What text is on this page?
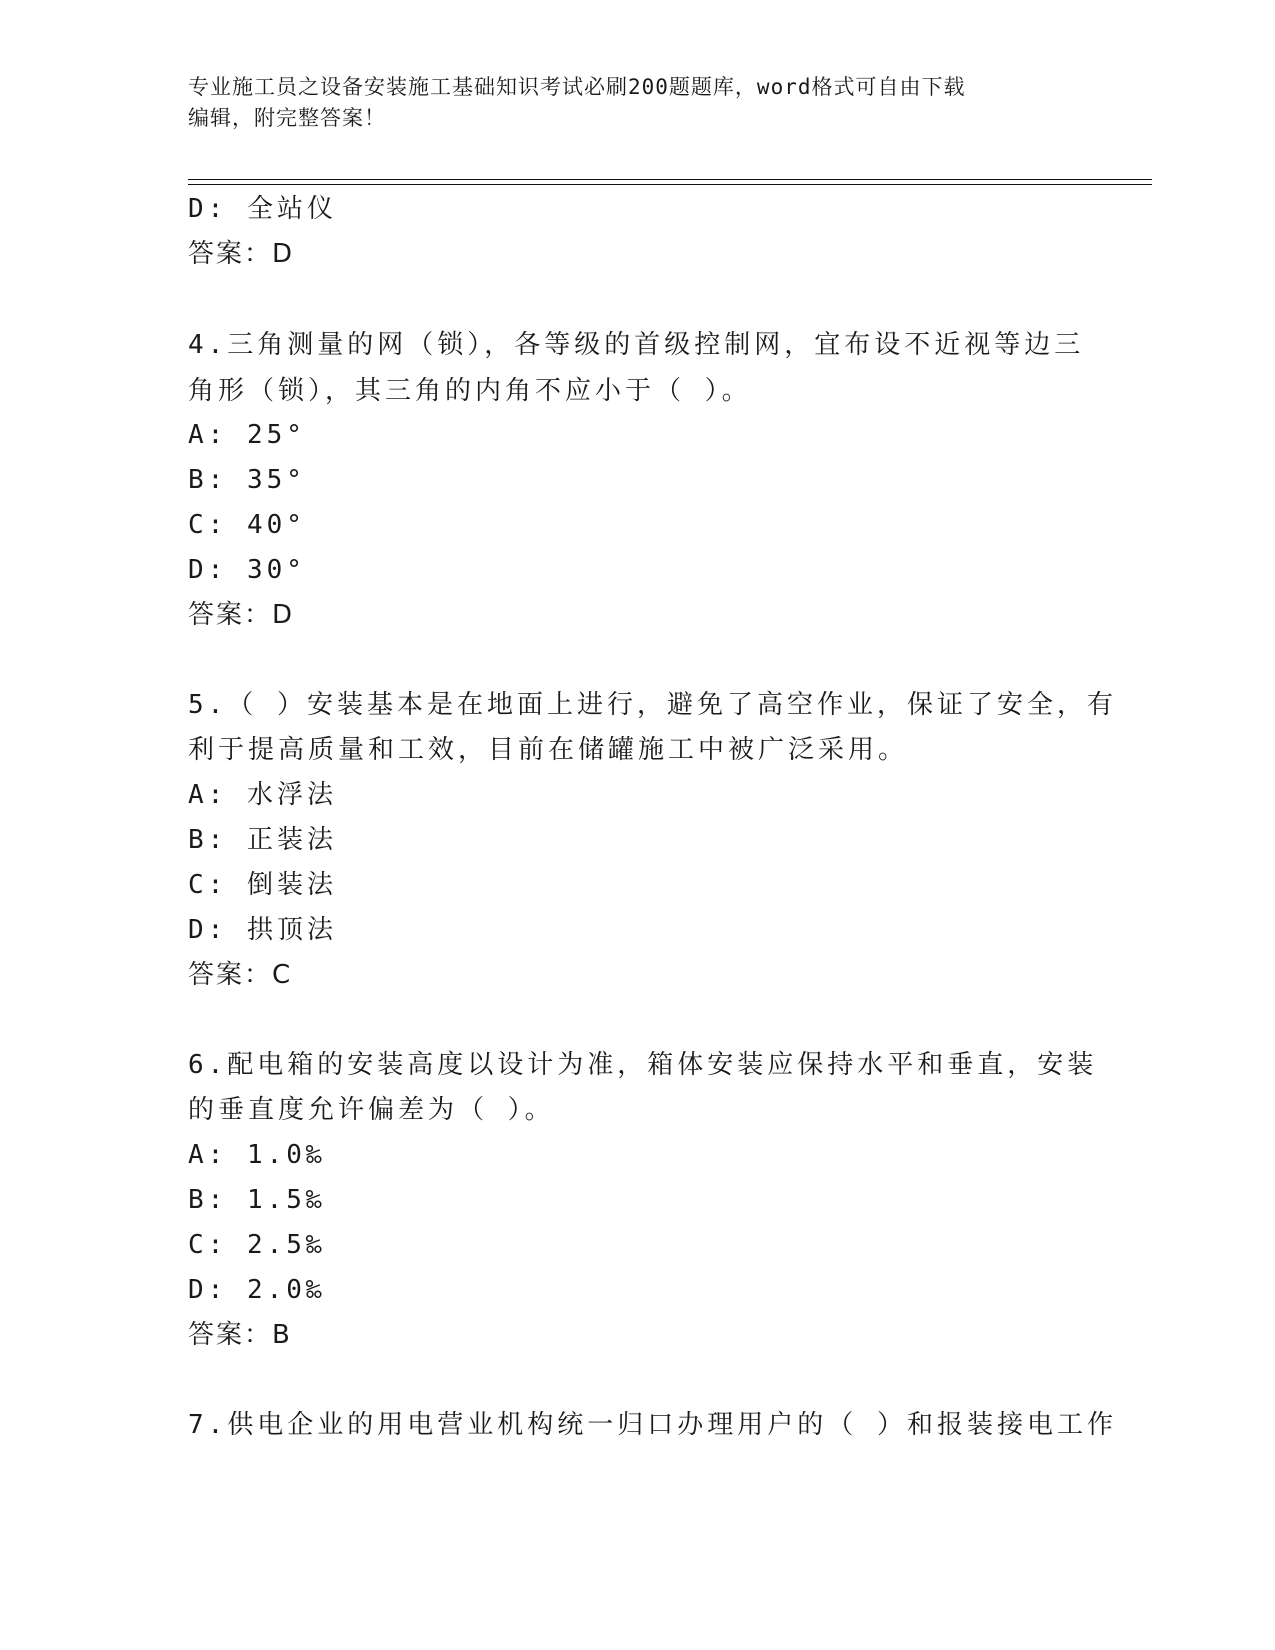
专业施工员之设备安装施工基础知识考试必刷200题题库，word格式可自由下载
编辑，附完整答案！
D: 全站仪
答案：D
4.三角测量的网（锁），各等级的首级控制网，宜布设不近视等边三
角形（锁），其三角的内角不应小于（ ）。
A: 25°
B: 35°
C: 40°
D: 30°
答案：D
5.（ ）安装基本是在地面上进行，避免了高空作业，保证了安全，有
利于提高质量和工效，目前在储罐施工中被广泛采用。
A: 水浮法
B: 正装法
C: 倒装法
D: 拱顶法
答案：C
6.配电箱的安装高度以设计为准，箱体安装应保持水平和垂直，安装
的垂直度允许偏差为（ ）。
A: 1.0‰
B: 1.5‰
C: 2.5‰
D: 2.0‰
答案：B
7.供电企业的用电营业机构统一归口办理用户的（ ）和报装接电工作
